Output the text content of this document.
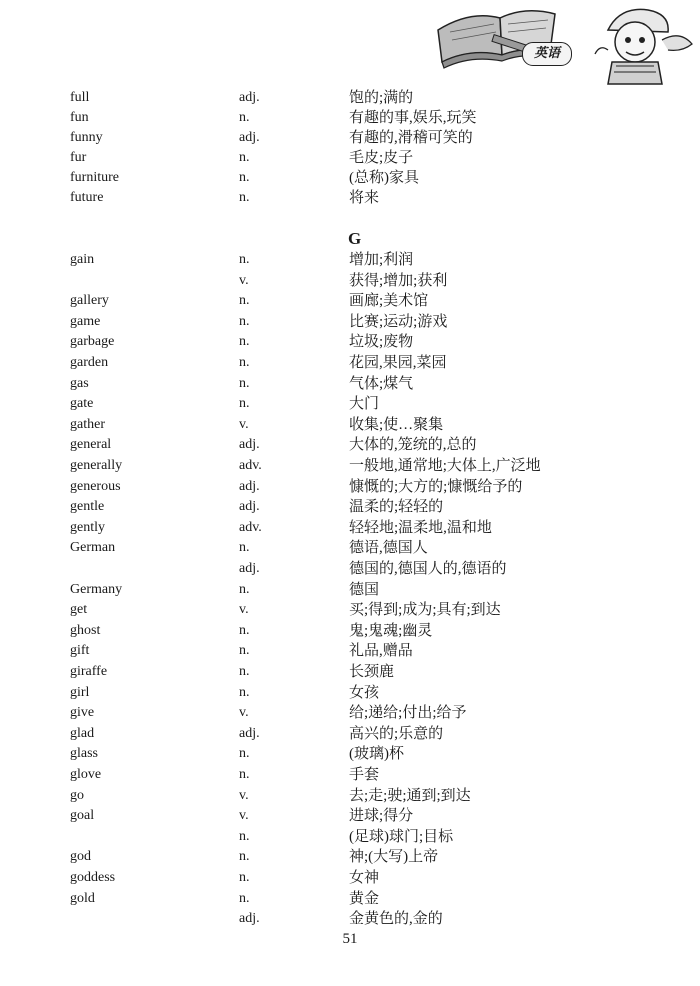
英语
full	adj.	饱的;满的
fun	n.	有趣的事,娱乐,玩笑
funny	adj.	有趣的,滑稽可笑的
fur	n.	毛皮;皮子
furniture	n.	(总称)家具
future	n.	将来
G
gain	n.	增加;利润
v.	获得;增加;获利
gallery	n.	画廊;美术馆
game	n.	比赛;运动;游戏
garbage	n.	垃圾;废物
garden	n.	花园,果园,菜园
gas	n.	气体;煤气
gate	n.	大门
gather	v.	收集;使…聚集
general	adj.	大体的,笼统的,总的
generally	adv.	一般地,通常地;大体上,广泛地
generous	adj.	慷慨的;大方的;慷慨给予的
gentle	adj.	温柔的;轻轻的
gently	adv.	轻轻地;温柔地,温和地
German	n.	德语,德国人
adj.	德国的,德国人的,德语的
Germany	n.	德国
get	v.	买;得到;成为;具有;到达
ghost	n.	鬼;鬼魂;幽灵
gift	n.	礼品,赠品
giraffe	n.	长颈鹿
girl	n.	女孩
give	v.	给;递给;付出;给予
glad	adj.	高兴的;乐意的
glass	n.	(玻璃)杯
glove	n.	手套
go	v.	去;走;驶;通到;到达
goal	v.	进球;得分
n.	(足球)球门;目标
god	n.	神;(大写)上帝
goddess	n.	女神
gold	n.	黄金
adj.	金黄色的,金的
51
